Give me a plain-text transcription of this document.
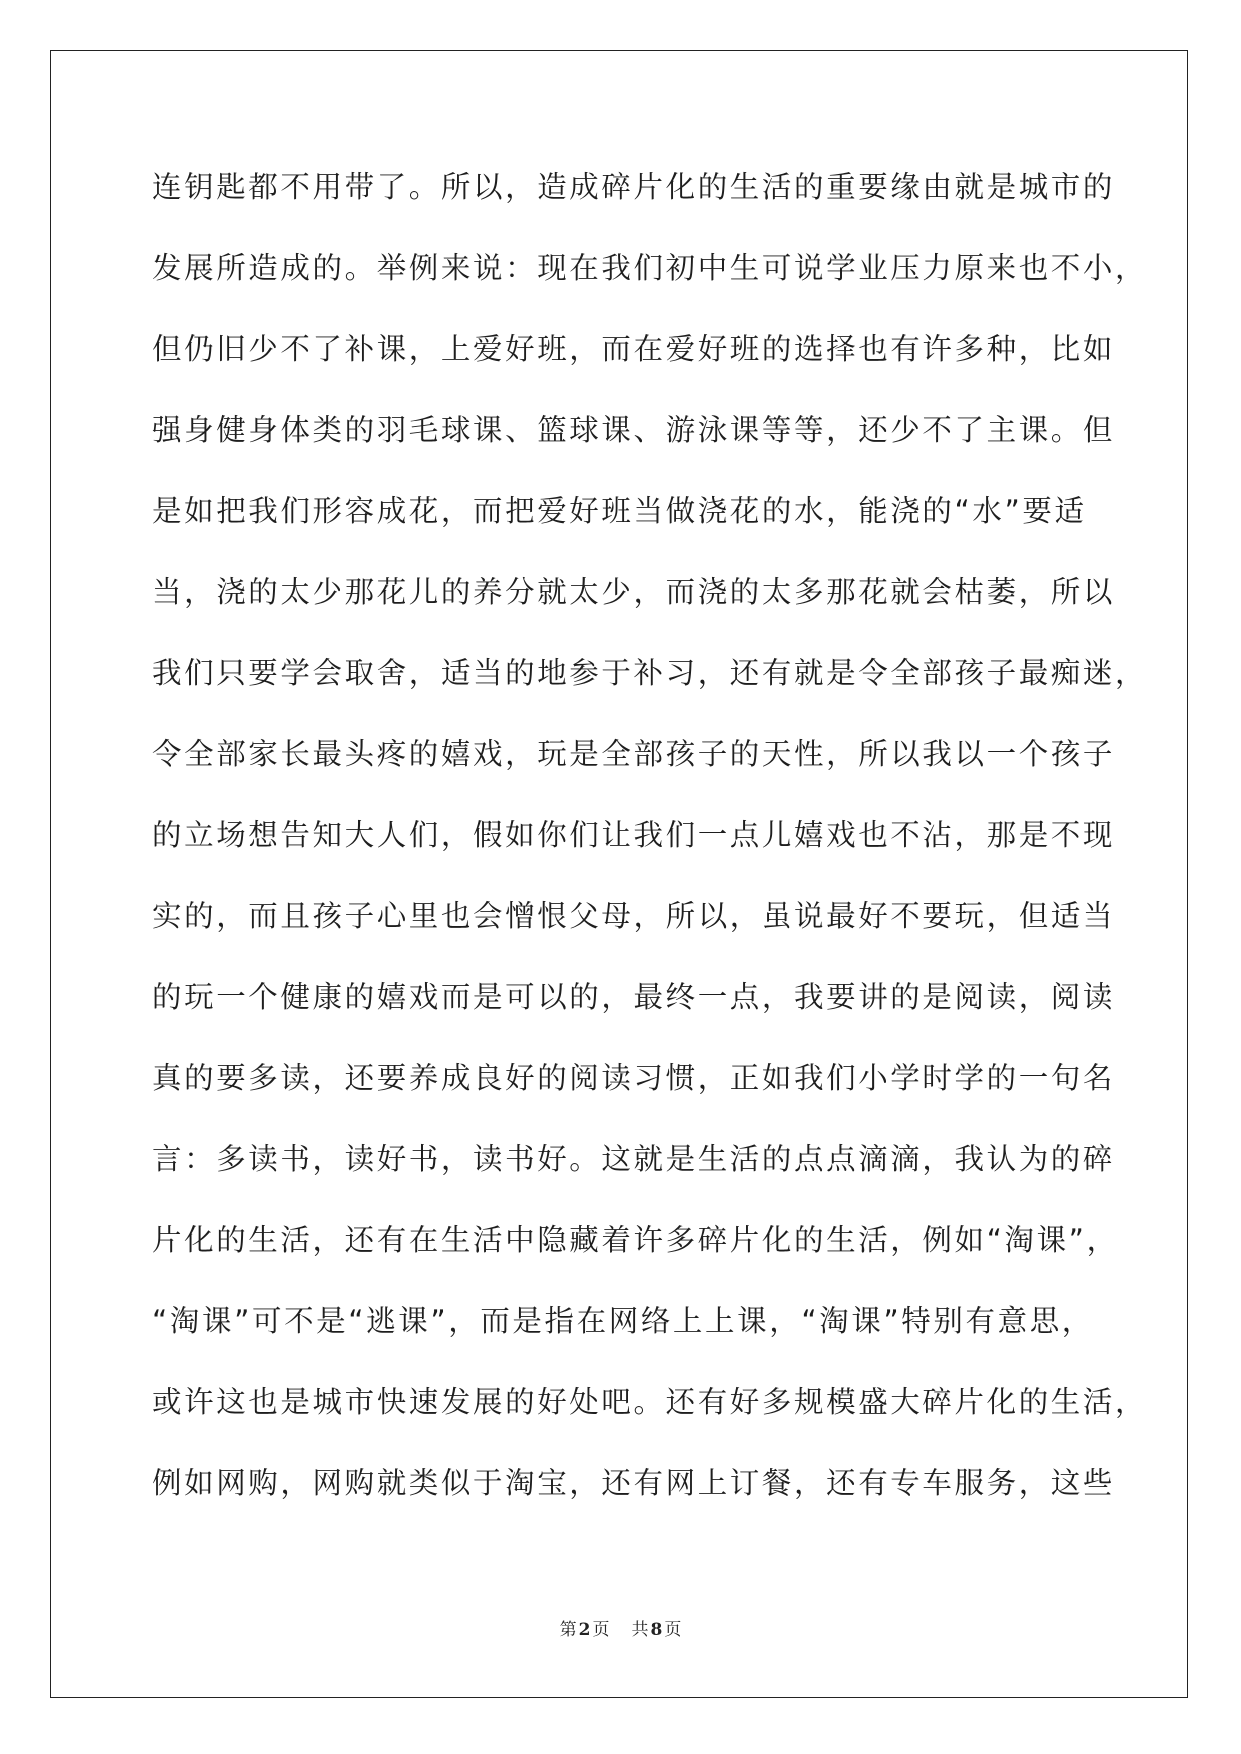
连钥匙都不用带了。所以，造成碎片化的生活的重要缘由就是城市的
发展所造成的。举例来说：现在我们初中生可说学业压力原来也不小，
但仍旧少不了补课，上爱好班，而在爱好班的选择也有许多种，比如
强身健身体类的羽毛球课、篮球课、游泳课等等，还少不了主课。但
是如把我们形容成花，而把爱好班当做浇花的水，能浇的“水”要适
当，浇的太少那花儿的养分就太少，而浇的太多那花就会枯萎，所以
我们只要学会取舍，适当的地参于补习，还有就是令全部孩子最痴迷，
令全部家长最头疼的嬉戏，玩是全部孩子的天性，所以我以一个孩子
的立场想告知大人们，假如你们让我们一点儿嬉戏也不沾，那是不现
实的，而且孩子心里也会憎恨父母，所以，虽说最好不要玩，但适当
的玩一个健康的嬉戏而是可以的，最终一点，我要讲的是阅读，阅读
真的要多读，还要养成良好的阅读习惯，正如我们小学时学的一句名
言：多读书，读好书，读书好。这就是生活的点点滴滴，我认为的碎
片化的生活，还有在生活中隐藏着许多碎片化的生活，例如“淘课”，
“淘课”可不是“逃课”，而是指在网络上上课，“淘课”特别有意思，
或许这也是城市快速发展的好处吧。还有好多规模盛大碎片化的生活，
例如网购，网购就类似于淘宝，还有网上订餐，还有专车服务，这些
第 2 页 共 8 页
